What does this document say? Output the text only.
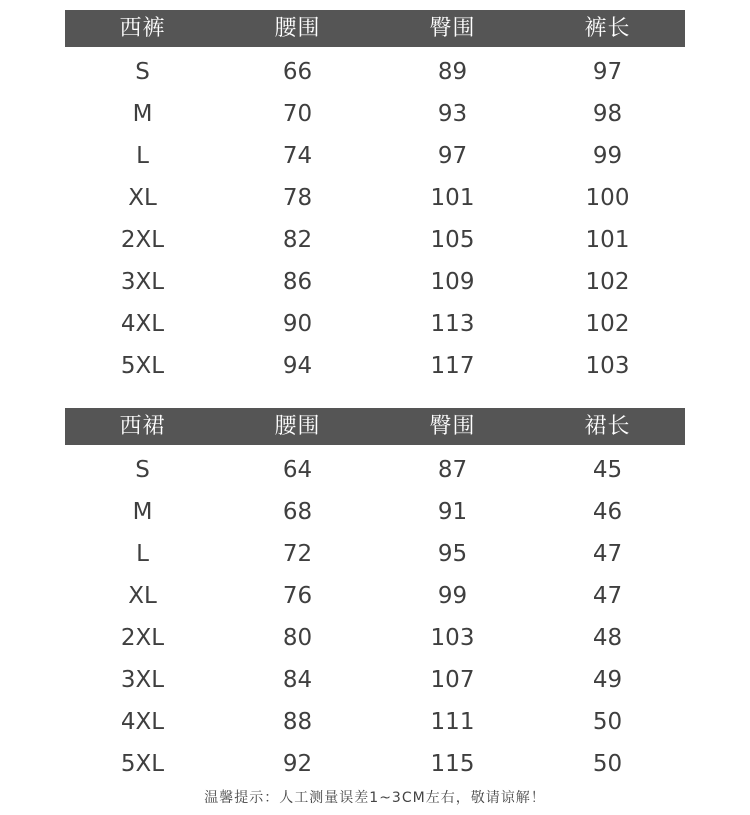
西裤	腰围	臀围	裤长
S	66	89	97
M	70	93	98
L	74	97	99
XL	78	101	100
2XL	82	105	101
3XL	86	109	102
4XL	90	113	102
5XL	94	117	103
西裙	腰围	臀围	裙长
S	64	87	45
M	68	91	46
L	72	95	47
XL	76	99	47
2XL	80	103	48
3XL	84	107	49
4XL	88	111	50
5XL	92	115	50
温馨提示：人工测量误差1~3CM左右，敬请谅解！
